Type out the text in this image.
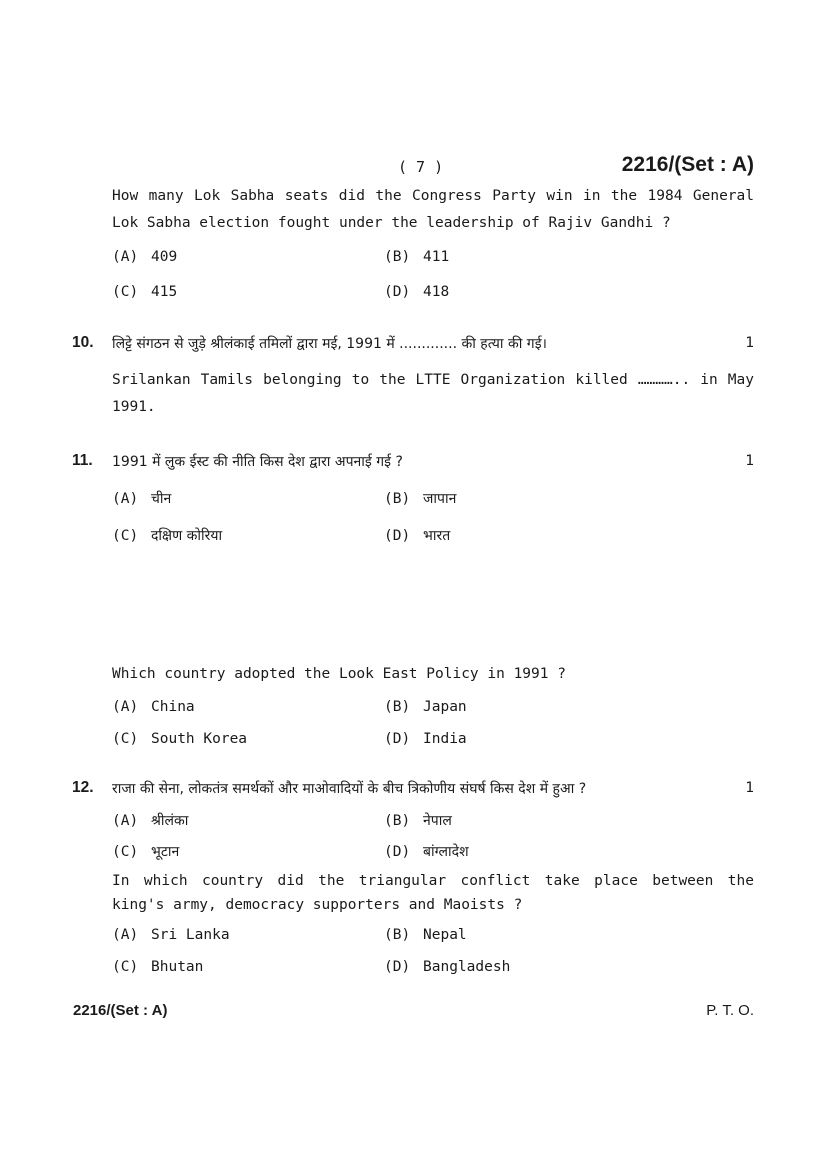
( 7 )	2216/(Set : A)
How many Lok Sabha seats did the Congress Party win in the 1984 General Lok Sabha election fought under the leadership of Rajiv Gandhi ?
(A) 409	(B) 411
(C) 415	(D) 418
10. लिट्टे संगठन से जुड़े श्रीलंकाई तमिलों द्वारा मई, 1991 में ............. की हत्या की गई।	1
Srilankan Tamils belonging to the LTTE Organization killed ………….. in May 1991.
11. 1991 में लुक ईस्ट की नीति किस देश द्वारा अपनाई गई ?	1
(A) चीन	(B) जापान
(C) दक्षिण कोरिया	(D) भारत
Which country adopted the Look East Policy in 1991 ?
(A) China	(B) Japan
(C) South Korea	(D) India
12. राजा की सेना, लोकतंत्र समर्थकों और माओवादियों के बीच त्रिकोणीय संघर्ष किस देश में हुआ ?	1
(A) श्रीलंका	(B) नेपाल
(C) भूटान	(D) बांग्लादेश
In which country did the triangular conflict take place between the king's army, democracy supporters and Maoists ?
(A) Sri Lanka	(B) Nepal
(C) Bhutan	(D) Bangladesh
2216/(Set : A)	P. T. O.
